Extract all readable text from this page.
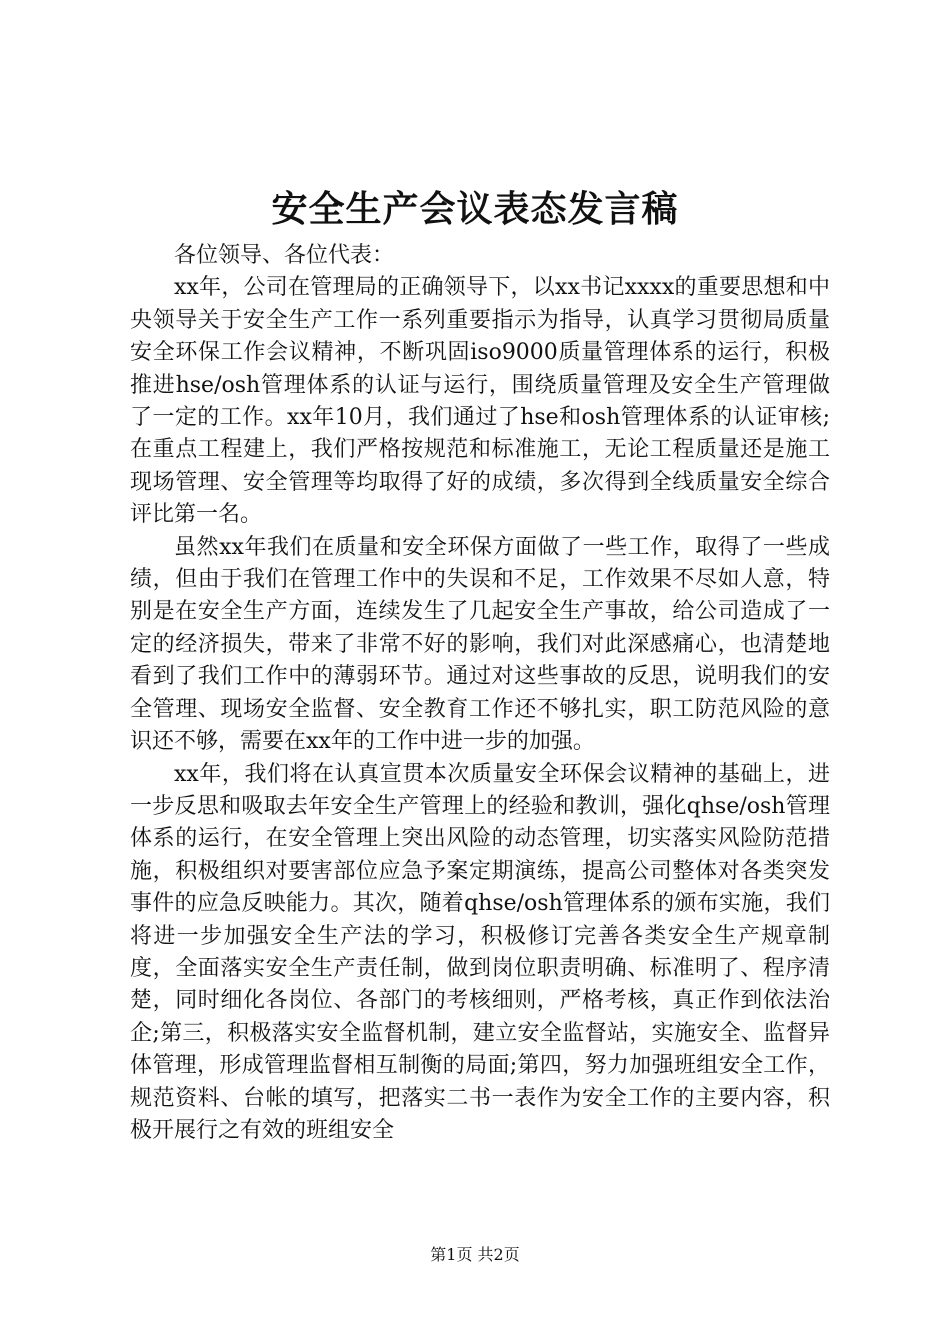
安全生产会议表态发言稿

各位领导、各位代表：

xx年，公司在管理局的正确领导下，以xx书记xxxx的重要思想和中央领导关于安全生产工作一系列重要指示为指导，认真学习贯彻局质量安全环保工作会议精神，不断巩固iso9000质量管理体系的运行，积极推进hse/osh管理体系的认证与运行，围绕质量管理及安全生产管理做了一定的工作。xx年10月，我们通过了hse和osh管理体系的认证审核;在重点工程建上，我们严格按规范和标准施工，无论工程质量还是施工现场管理、安全管理等均取得了好的成绩，多次得到全线质量安全综合评比第一名。

虽然xx年我们在质量和安全环保方面做了一些工作，取得了一些成绩，但由于我们在管理工作中的失误和不足，工作效果不尽如人意，特别是在安全生产方面，连续发生了几起安全生产事故，给公司造成了一定的经济损失，带来了非常不好的影响，我们对此深感痛心，也清楚地看到了我们工作中的薄弱环节。通过对这些事故的反思，说明我们的安全管理、现场安全监督、安全教育工作还不够扎实，职工防范风险的意识还不够，需要在xx年的工作中进一步的加强。

xx年，我们将在认真宣贯本次质量安全环保会议精神的基础上，进一步反思和吸取去年安全生产管理上的经验和教训，强化qhse/osh管理体系的运行，在安全管理上突出风险的动态管理，切实落实风险防范措施，积极组织对要害部位应急予案定期演练，提高公司整体对各类突发事件的应急反映能力。其次，随着qhse/osh管理体系的颁布实施，我们将进一步加强安全生产法的学习，积极修订完善各类安全生产规章制度，全面落实安全生产责任制，做到岗位职责明确、标准明了、程序清楚，同时细化各岗位、各部门的考核细则，严格考核，真正作到依法治企;第三，积极落实安全监督机制，建立安全监督站，实施安全、监督异体管理，形成管理监督相互制衡的局面;第四，努力加强班组安全工作，规范资料、台帐的填写，把落实二书一表作为安全工作的主要内容，积极开展行之有效的班组安全

第1页 共2页
